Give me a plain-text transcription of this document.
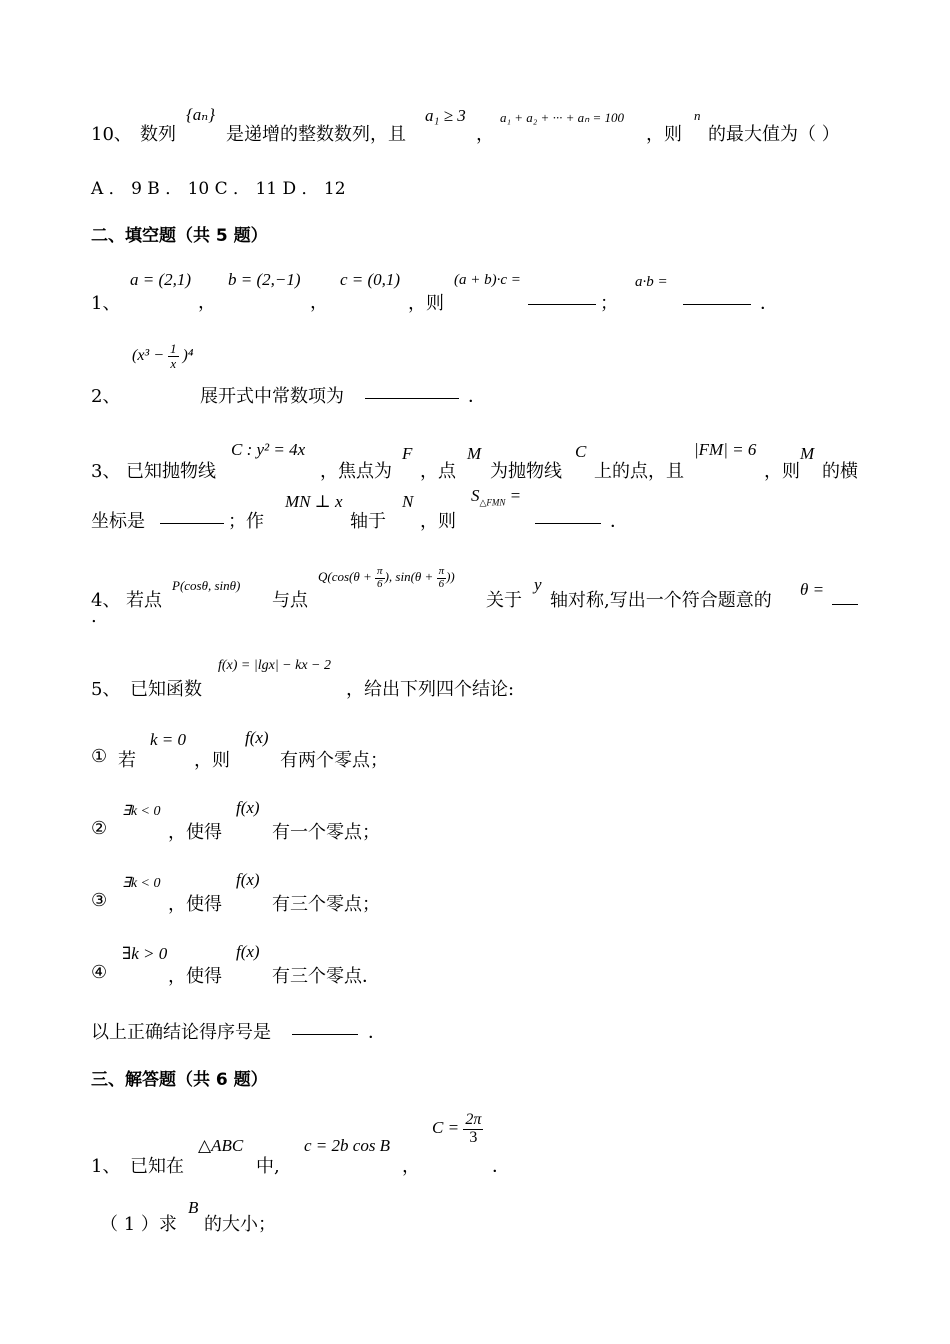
10、 数列
{aₙ}
是递增的整数数列，且
a₁ ≥ 3
，
a₁ + a₂ + ··· + aₙ = 100
，则
n
的最大值为（ ）
A ． 9 B ． 10 C ． 11 D ． 12
二、填空题（共 5 题）
1、
a = (2,1)
，
b = (2,−1)
，
c = (0,1)
，则
(a + b)·c =
；
a·b =
．
$(x^3 - \frac{1}{x} )^4$
2、	展开式中常数项为	．
3、 已知抛物线
C : y² = 4x
，焦点为
F
，点
M
为抛物线
C
上的点，且
|FM| = 6
，则
M
的横
坐标是	；作
MN ⊥ x
轴于
N
，则
$S_{\triangle FMN}$ =
．
4、 若点
P(cosθ, sinθ)
与点
$Q(\cos(\theta + \frac{\pi}{6}$ ), $\sin(\theta + \frac{\pi}{6}$ ))
关于
y
轴对称,写出一个符合题意的
θ =
.
5、 已知函数
f(x) = |lgx| − kx − 2
，给出下列四个结论:
① 若
k = 0
，则
f(x)
有两个零点；
②
∃k < 0
，使得
f(x)
有一个零点；
③
∃k < 0
，使得
f(x)
有三个零点；
④
∃k > 0
，使得
f(x)
有三个零点．
以上正确结论得序号是	．
三、解答题（共 6 题）
1、 已知在
△ABC
中,
c = 2b cos B
，
$C = \frac{2\pi}{3}$
．
（ 1 ）求
B
的大小；
